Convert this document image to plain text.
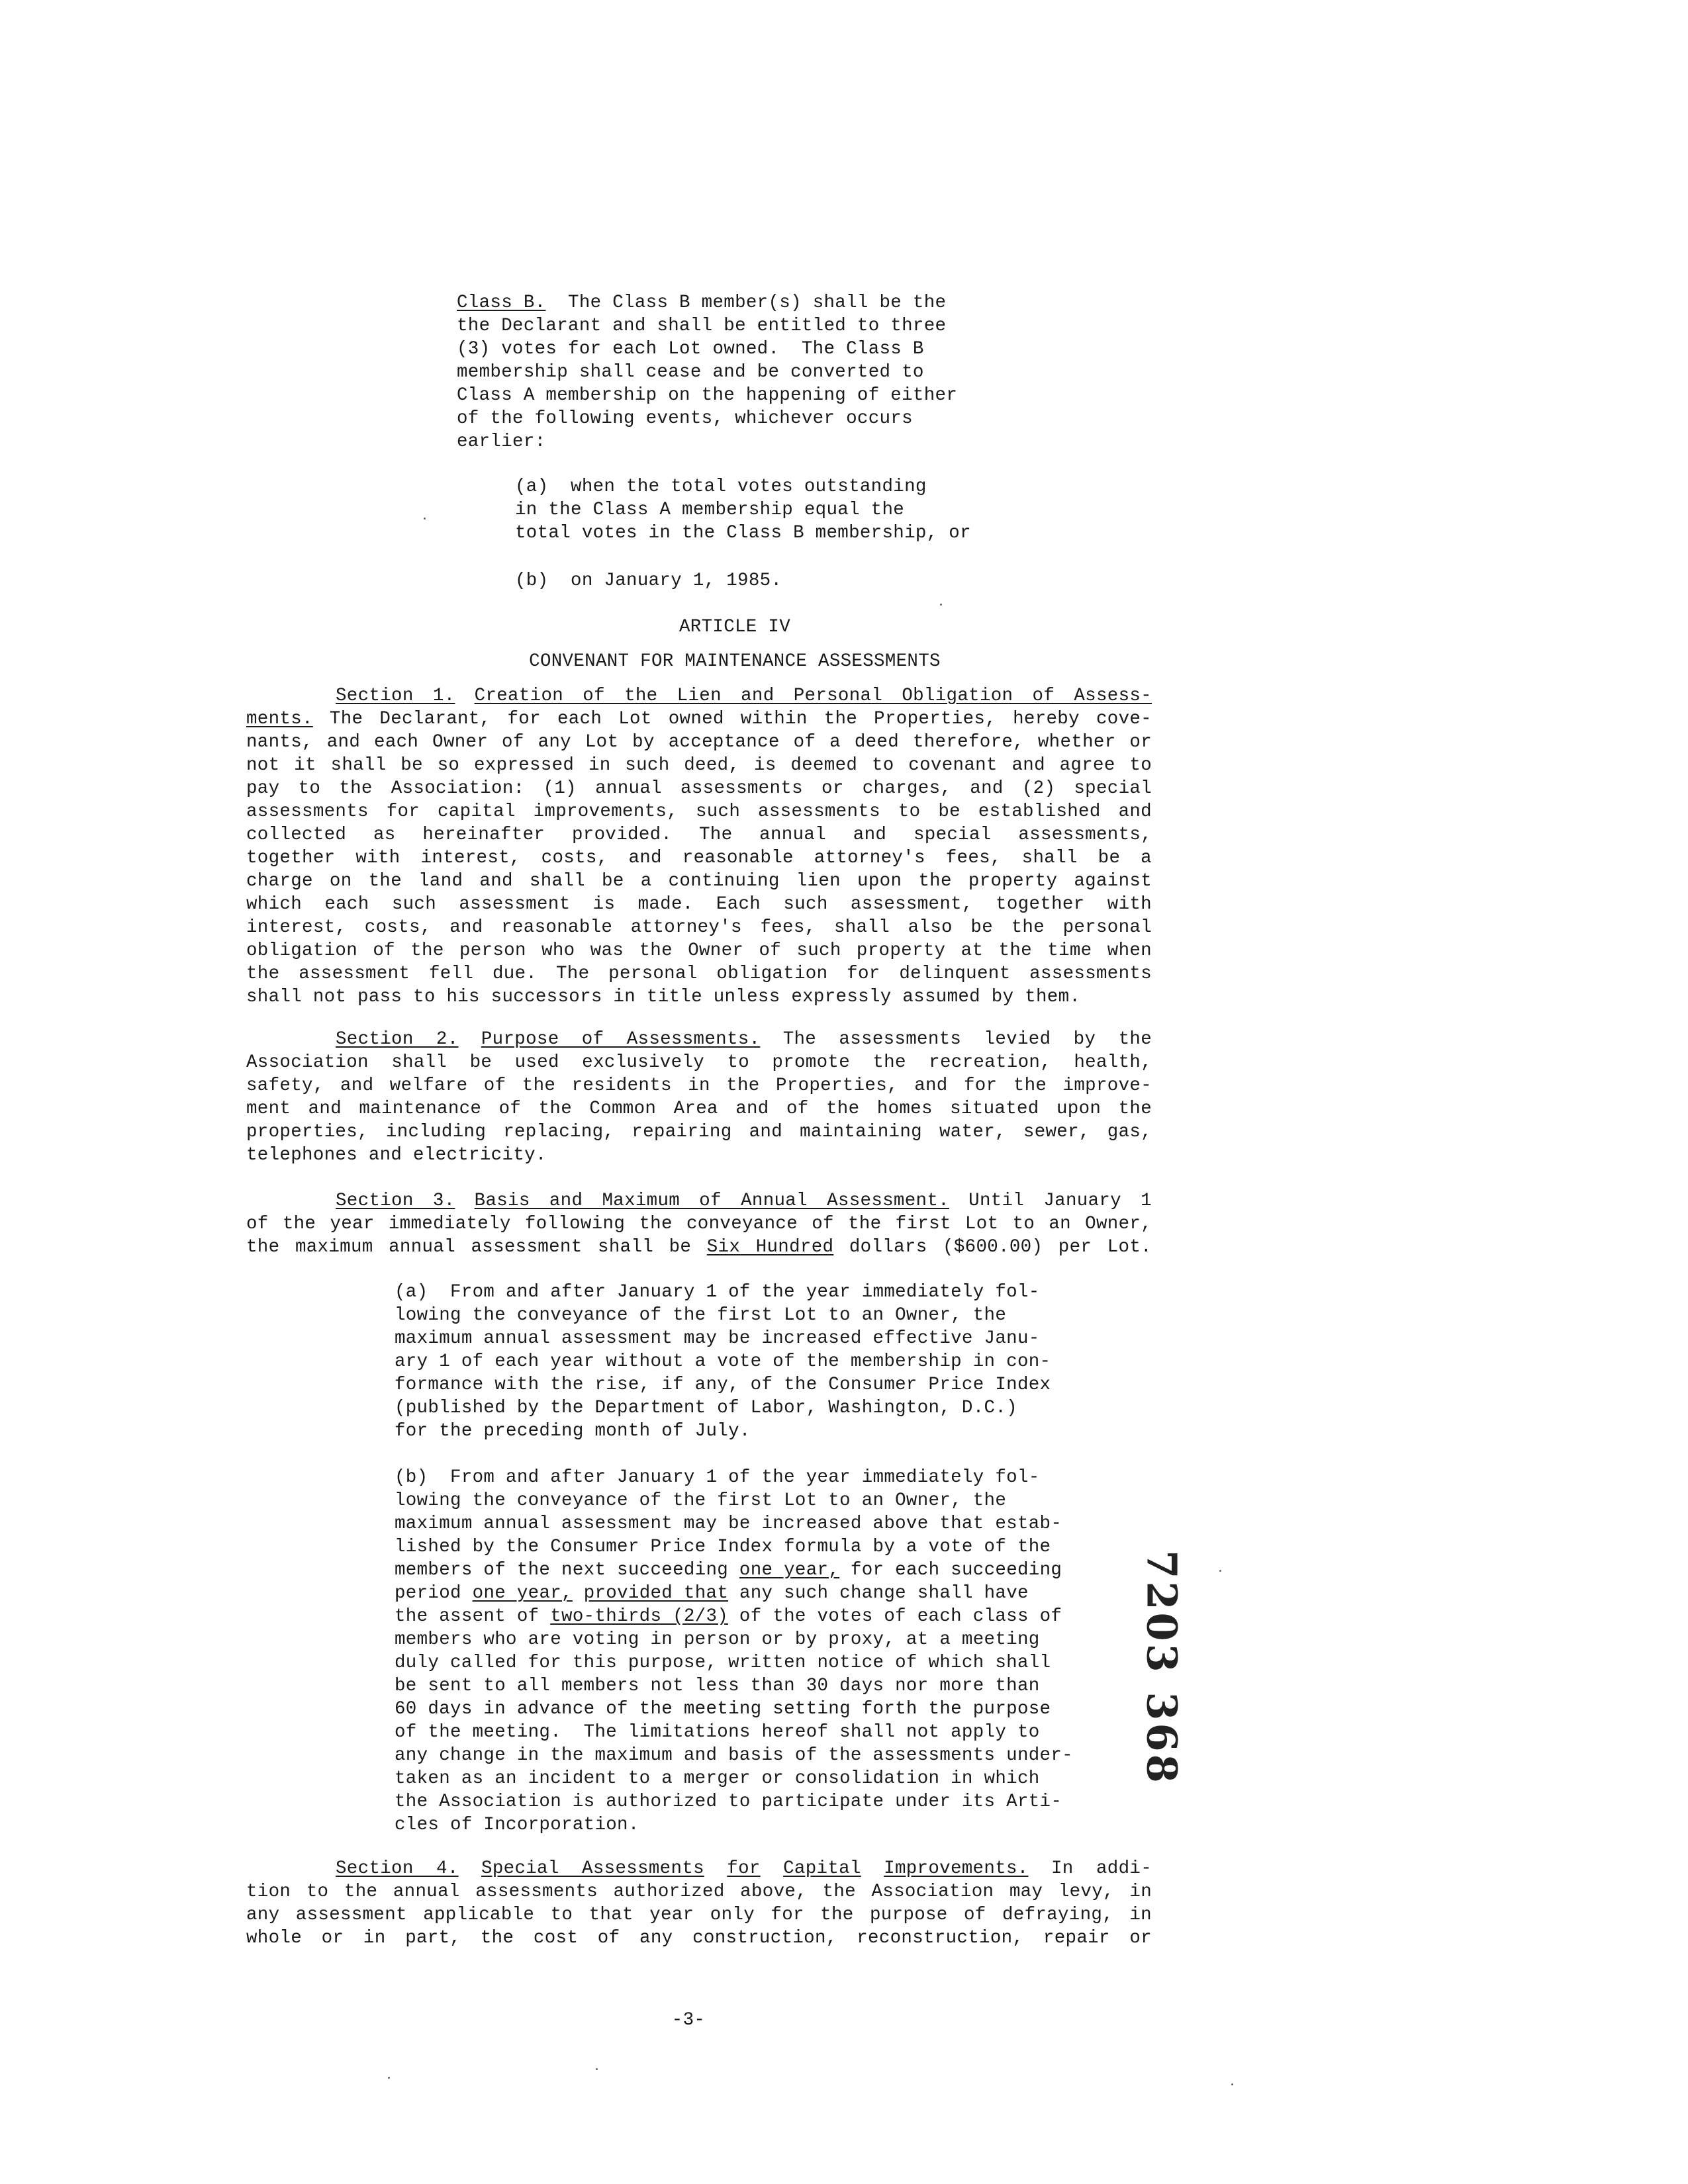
Class B. The Class B member(s) shall be the
the Declarant and shall be entitled to three
(3) votes for each Lot owned.  The Class B
membership shall cease and be converted to
Class A membership on the happening of either
of the following events, whichever occurs
earlier:
(a)  when the total votes outstanding
in the Class A membership equal the
total votes in the Class B membership, or
(b)  on January 1, 1985.
ARTICLE IV
CONVENANT FOR MAINTENANCE ASSESSMENTS
Section 1. Creation of the Lien and Personal Obligation of Assess-
ments. The Declarant, for each Lot owned within the Properties, hereby cove-
nants, and each Owner of any Lot by acceptance of a deed therefore, whether or
not it shall be so expressed in such deed, is deemed to covenant and agree to
pay to the Association: (1) annual assessments or charges, and (2) special
assessments for capital improvements, such assessments to be established and
collected as hereinafter provided. The annual and special assessments,
together with interest, costs, and reasonable attorney's fees, shall be a
charge on the land and shall be a continuing lien upon the property against
which each such assessment is made. Each such assessment, together with
interest, costs, and reasonable attorney's fees, shall also be the personal
obligation of the person who was the Owner of such property at the time when
the assessment fell due. The personal obligation for delinquent assessments
shall not pass to his successors in title unless expressly assumed by them.
Section 2. Purpose of Assessments. The assessments levied by the
Association shall be used exclusively to promote the recreation, health,
safety, and welfare of the residents in the Properties, and for the improve-
ment and maintenance of the Common Area and of the homes situated upon the
properties, including replacing, repairing and maintaining water, sewer, gas,
telephones and electricity.
Section 3. Basis and Maximum of Annual Assessment. Until January 1
of the year immediately following the conveyance of the first Lot to an Owner,
the maximum annual assessment shall be Six Hundred dollars ($600.00) per Lot.
(a)  From and after January 1 of the year immediately fol-
lowing the conveyance of the first Lot to an Owner, the
maximum annual assessment may be increased effective Janu-
ary 1 of each year without a vote of the membership in con-
formance with the rise, if any, of the Consumer Price Index
(published by the Department of Labor, Washington, D.C.)
for the preceding month of July.
(b)  From and after January 1 of the year immediately fol-
lowing the conveyance of the first Lot to an Owner, the
maximum annual assessment may be increased above that estab-
lished by the Consumer Price Index formula by a vote of the
members of the next succeeding one year, for each succeeding
period one year, provided that any such change shall have
the assent of two-thirds (2/3) of the votes of each class of
members who are voting in person or by proxy, at a meeting
duly called for this purpose, written notice of which shall
be sent to all members not less than 30 days nor more than
60 days in advance of the meeting setting forth the purpose
of the meeting.  The limitations hereof shall not apply to
any change in the maximum and basis of the assessments under-
taken as an incident to a merger or consolidation in which
the Association is authorized to participate under its Arti-
cles of Incorporation.
7203 368
Section 4. Special Assessments for Capital Improvements. In addi-
tion to the annual assessments authorized above, the Association may levy, in
any assessment applicable to that year only for the purpose of defraying, in
whole or in part, the cost of any construction, reconstruction, repair or
-3-
